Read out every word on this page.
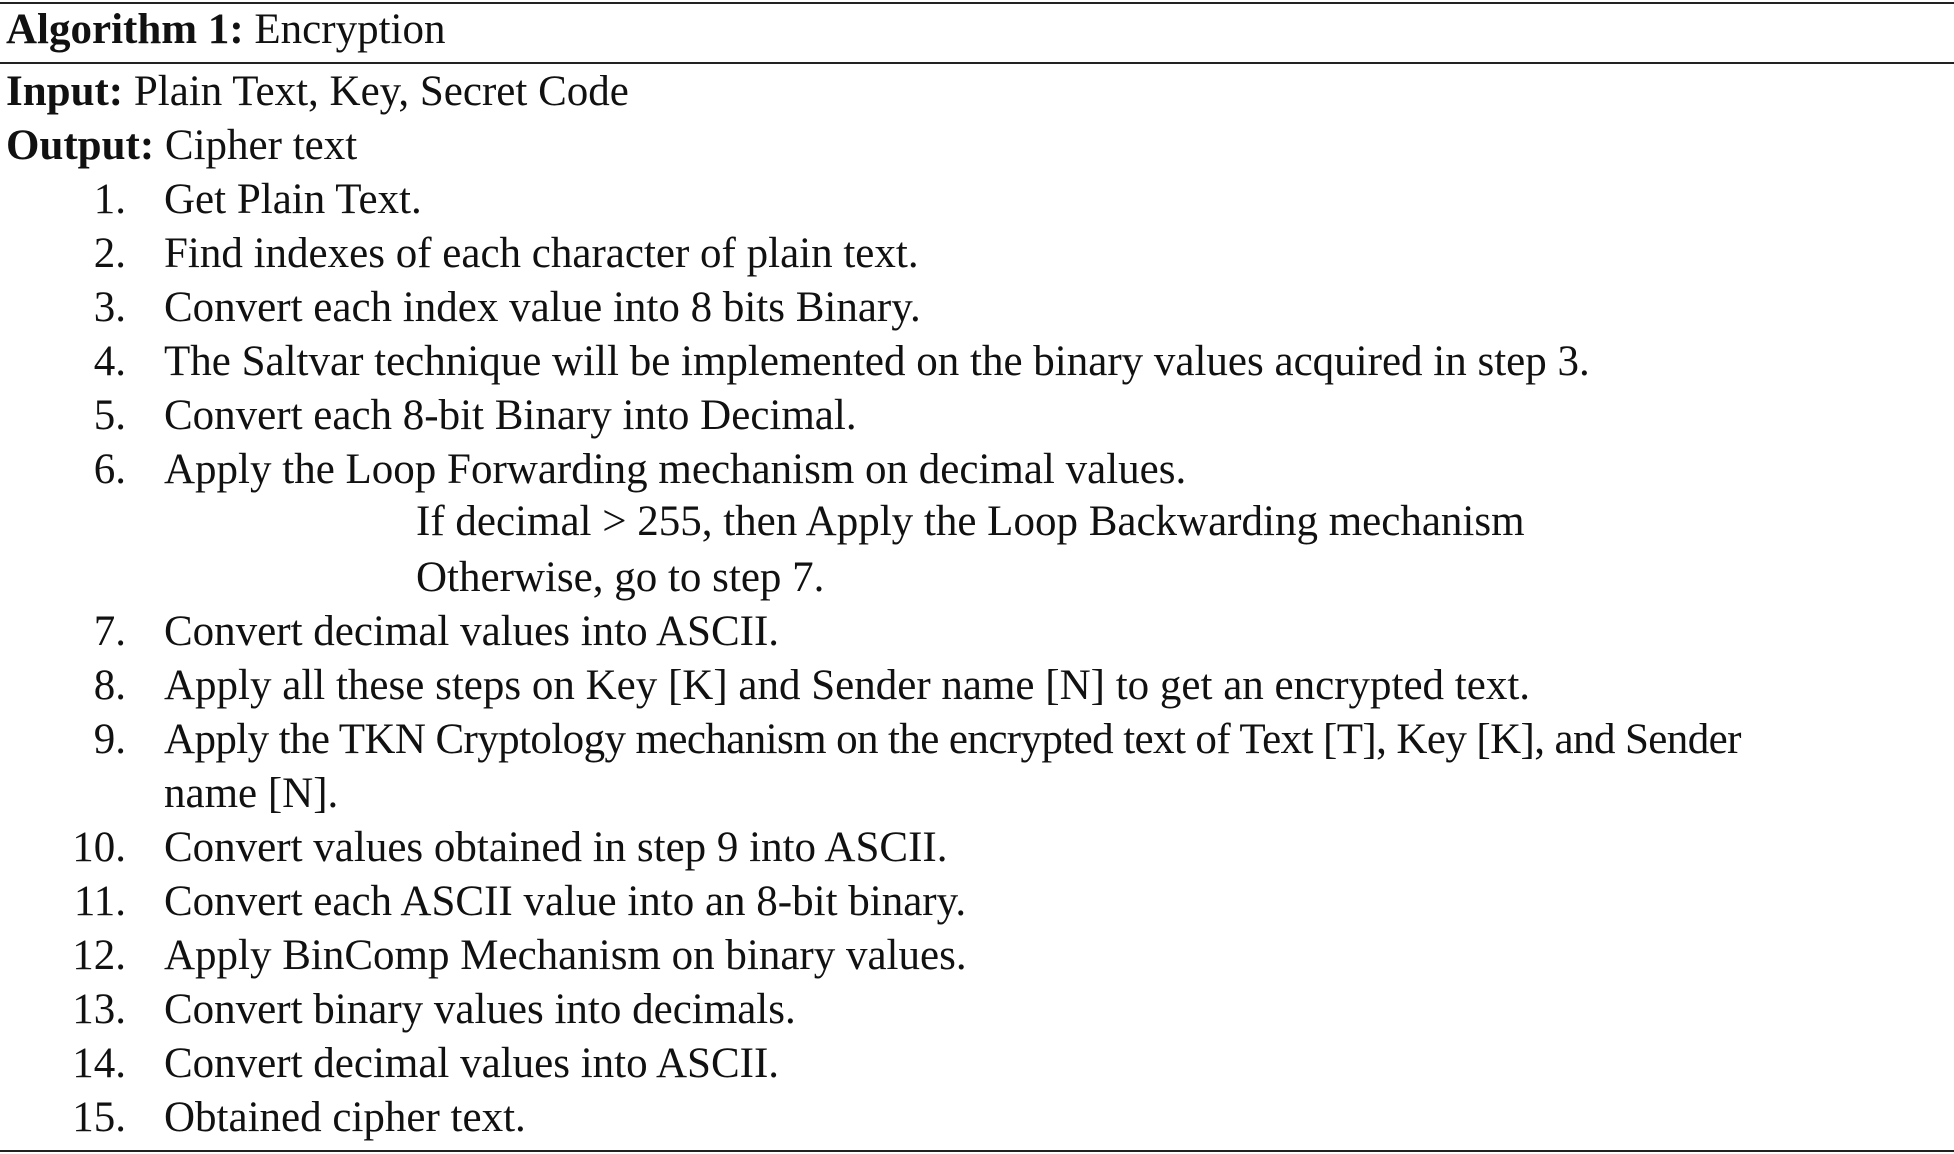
Algorithm 1: Encryption
Input: Plain Text, Key, Secret Code
Output: Cipher text
1. Get Plain Text.
2. Find indexes of each character of plain text.
3. Convert each index value into 8 bits Binary.
4. The Saltvar technique will be implemented on the binary values acquired in step 3.
5. Convert each 8-bit Binary into Decimal.
6. Apply the Loop Forwarding mechanism on decimal values.
If decimal > 255, then Apply the Loop Backwarding mechanism
Otherwise, go to step 7.
7. Convert decimal values into ASCII.
8. Apply all these steps on Key [K] and Sender name [N] to get an encrypted text.
9. Apply the TKN Cryptology mechanism on the encrypted text of Text [T], Key [K], and Sender
name [N].
10. Convert values obtained in step 9 into ASCII.
11. Convert each ASCII value into an 8-bit binary.
12. Apply BinComp Mechanism on binary values.
13. Convert binary values into decimals.
14. Convert decimal values into ASCII.
15. Obtained cipher text.
